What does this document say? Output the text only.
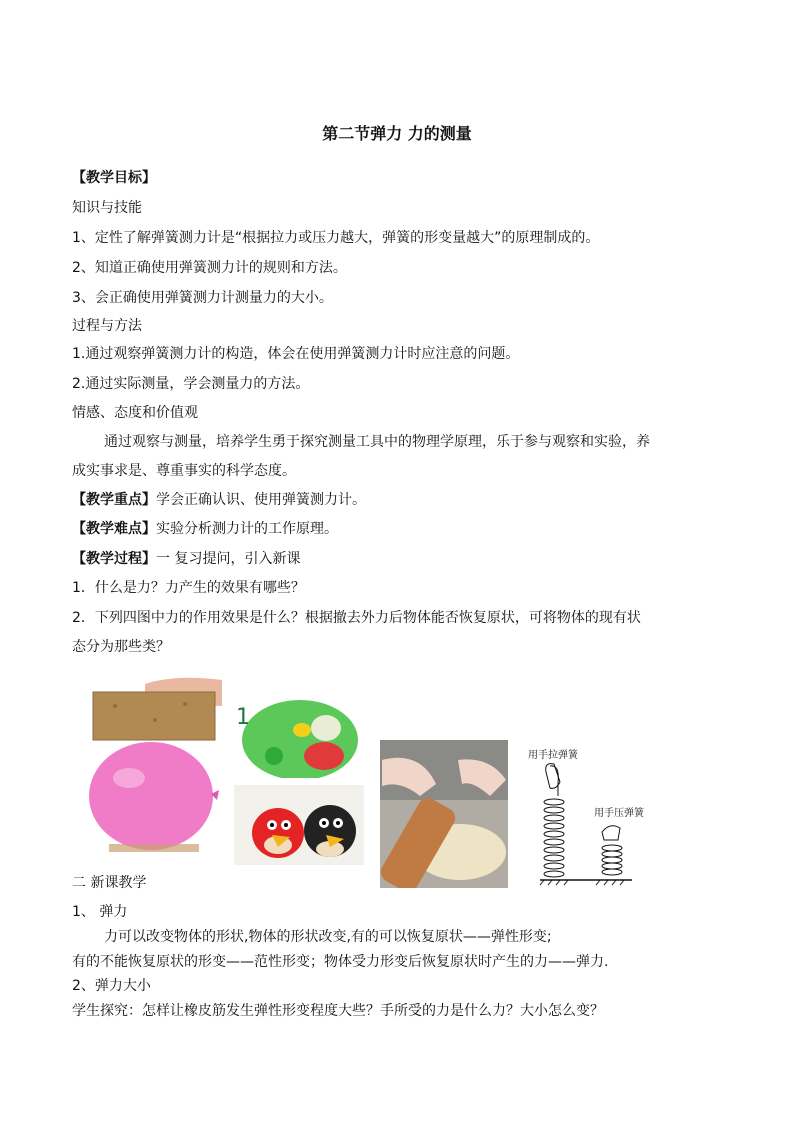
第二节弹力 力的测量
【教学目标】
知识与技能
1、定性了解弹簧测力计是“根据拉力或压力越大，弹簧的形变量越大”的原理制成的。
2、知道正确使用弹簧测力计的规则和方法。
3、会正确使用弹簧测力计测量力的大小。
过程与方法
1.通过观察弹簧测力计的构造，体会在使用弹簧测力计时应注意的问题。
2.通过实际测量，学会测量力的方法。
情感、态度和价值观
通过观察与测量，培养学生勇于探究测量工具中的物理学原理，乐于参与观察和实验，养
成实事求是、尊重事实的科学态度。
【教学重点】学会正确认识、使用弹簧测力计。
【教学难点】实验分析测力计的工作原理。
【教学过程】一 复习提问，引入新课
1．什么是力？力产生的效果有哪些？
2．下列四图中力的作用效果是什么？根据撤去外力后物体能否恢复原状，可将物体的现有状
态分为那些类？
1
用手拉弹簧
用手压弹簧
二 新课教学
1、 弹力
力可以改变物体的形状,物体的形状改变,有的可以恢复原状——弹性形变;
有的不能恢复原状的形变——范性形变；物体受力形变后恢复原状时产生的力——弹力.
2、弹力大小
学生探究：怎样让橡皮筋发生弹性形变程度大些？手所受的力是什么力？大小怎么变？
